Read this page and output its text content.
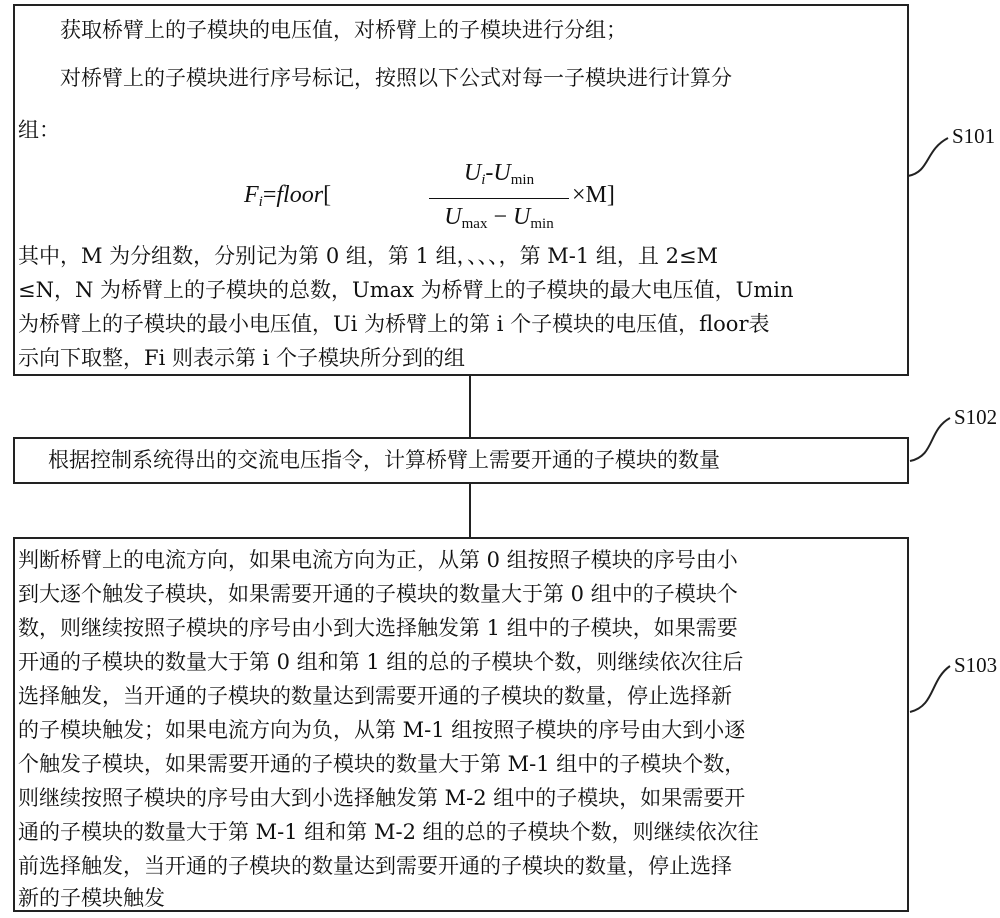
获取桥臂上的子模块的电压值，对桥臂上的子模块进行分组；
对桥臂上的子模块进行序号标记，按照以下公式对每一子模块进行计算分
组：
$F_i=floor$[
$U_i-U_{min}$
$U_{max} - U_{min}$
×M]
其中，M 为分组数，分别记为第 0 组，第 1 组，、、、，第 M-1 组，且 2≤M
≤N，N 为桥臂上的子模块的总数，Umax 为桥臂上的子模块的最大电压值，Umin
为桥臂上的子模块的最小电压值，Ui 为桥臂上的第 i 个子模块的电压值，floor表
示向下取整，Fi 则表示第 i 个子模块所分到的组
S101
根据控制系统得出的交流电压指令，计算桥臂上需要开通的子模块的数量
S102
判断桥臂上的电流方向，如果电流方向为正，从第 0 组按照子模块的序号由小
到大逐个触发子模块，如果需要开通的子模块的数量大于第 0 组中的子模块个
数，则继续按照子模块的序号由小到大选择触发第 1 组中的子模块，如果需要
开通的子模块的数量大于第 0 组和第 1 组的总的子模块个数，则继续依次往后
选择触发，当开通的子模块的数量达到需要开通的子模块的数量，停止选择新
的子模块触发；如果电流方向为负，从第 M-1 组按照子模块的序号由大到小逐
个触发子模块，如果需要开通的子模块的数量大于第 M-1 组中的子模块个数，
则继续按照子模块的序号由大到小选择触发第 M-2 组中的子模块，如果需要开
通的子模块的数量大于第 M-1 组和第 M-2 组的总的子模块个数，则继续依次往
前选择触发，当开通的子模块的数量达到需要开通的子模块的数量，停止选择
新的子模块触发
S103
